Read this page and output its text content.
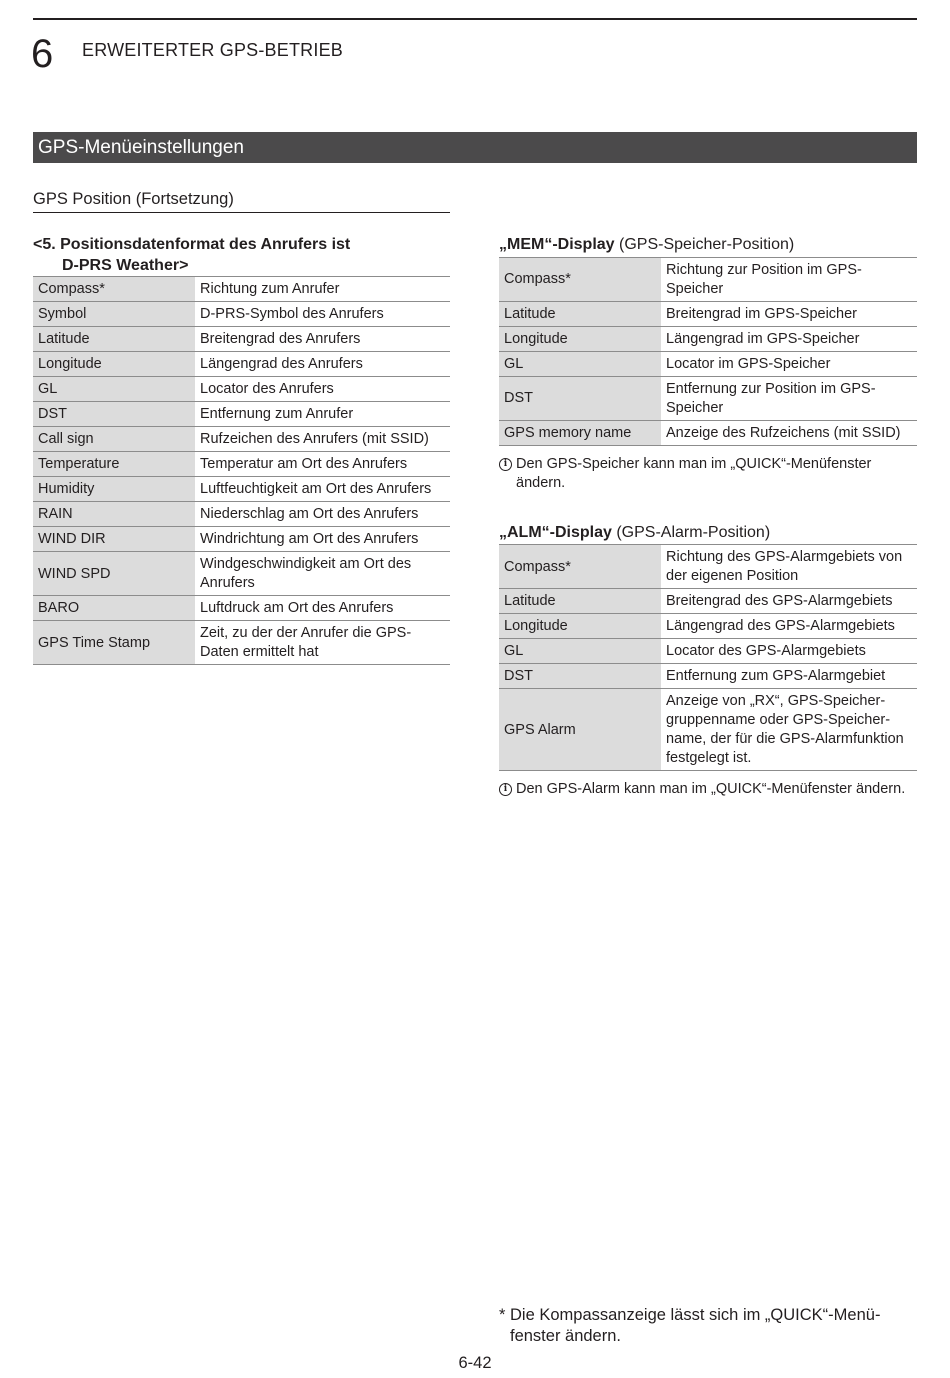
6 ERWEITERTER GPS-BETRIEB
GPS-Menüeinstellungen
GPS Position (Fortsetzung)
<5. Positionsdatenformat des Anrufers ist
D-PRS Weather>
Compass*	Richtung zum Anrufer
Symbol	D-PRS-Symbol des Anrufers
Latitude	Breitengrad des Anrufers
Longitude	Längengrad des Anrufers
GL	Locator des Anrufers
DST	Entfernung zum Anrufer
Call sign	Rufzeichen des Anrufers (mit SSID)
Temperature	Temperatur am Ort des Anrufers
Humidity	Luftfeuchtigkeit am Ort des Anrufers
RAIN	Niederschlag am Ort des Anrufers
WIND DIR	Windrichtung am Ort des Anrufers
WIND SPD	Windgeschwindigkeit am Ort des Anrufers
BARO	Luftdruck am Ort des Anrufers
GPS Time Stamp	Zeit, zu der der Anrufer die GPS-Daten ermittelt hat
„MEM“-Display (GPS-Speicher-Position)
Compass*	Richtung zur Position im GPS-Speicher
Latitude	Breitengrad im GPS-Speicher
Longitude	Längengrad im GPS-Speicher
GL	Locator im GPS-Speicher
DST	Entfernung zur Position im GPS-Speicher
GPS memory name	Anzeige des Rufzeichens (mit SSID)
i Den GPS-Speicher kann man im „QUICK“-Menüfenster ändern.
„ALM“-Display (GPS-Alarm-Position)
Compass*	Richtung des GPS-Alarmgebiets von der eigenen Position
Latitude	Breitengrad des GPS-Alarmgebiets
Longitude	Längengrad des GPS-Alarmgebiets
GL	Locator des GPS-Alarmgebiets
DST	Entfernung zum GPS-Alarmgebiet
GPS Alarm	Anzeige von „RX“, GPS-Speichergruppenname oder GPS-Speichername, der für die GPS-Alarmfunktion festgelegt ist.
i Den GPS-Alarm kann man im „QUICK“-Menüfenster ändern.
* Die Kompassanzeige lässt sich im „QUICK“-Menüfenster ändern.
6-42
